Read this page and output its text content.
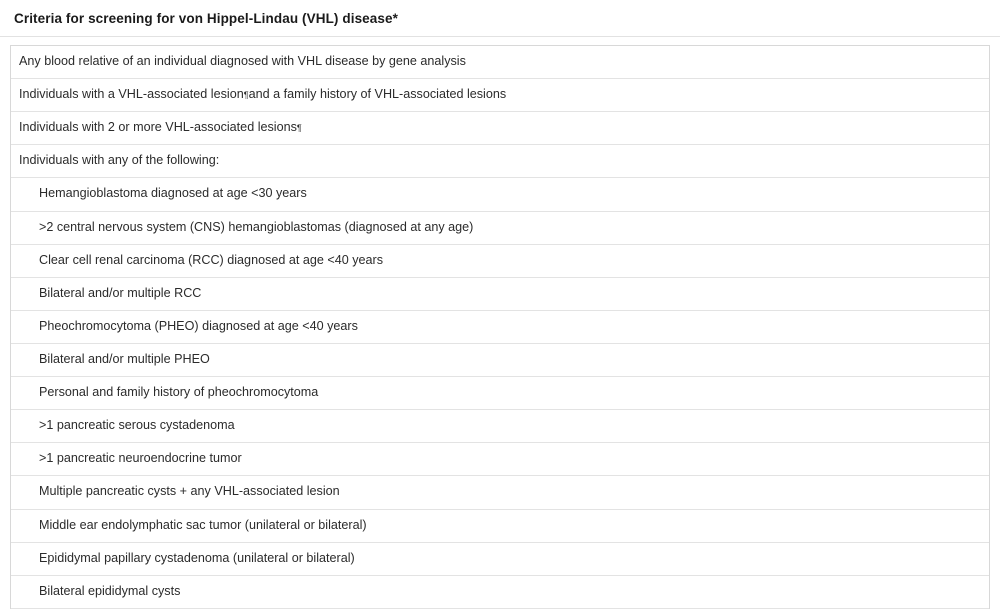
Criteria for screening for von Hippel-Lindau (VHL) disease*
Any blood relative of an individual diagnosed with VHL disease by gene analysis
Individuals with a VHL-associated lesion ¶ and a family history of VHL-associated lesions
Individuals with 2 or more VHL-associated lesions ¶
Individuals with any of the following:
Hemangioblastoma diagnosed at age <30 years
>2 central nervous system (CNS) hemangioblastomas (diagnosed at any age)
Clear cell renal carcinoma (RCC) diagnosed at age <40 years
Bilateral and/or multiple RCC
Pheochromocytoma (PHEO) diagnosed at age <40 years
Bilateral and/or multiple PHEO
Personal and family history of pheochromocytoma
>1 pancreatic serous cystadenoma
>1 pancreatic neuroendocrine tumor
Multiple pancreatic cysts + any VHL-associated lesion
Middle ear endolymphatic sac tumor (unilateral or bilateral)
Epididymal papillary cystadenoma (unilateral or bilateral)
Bilateral epididymal cysts
